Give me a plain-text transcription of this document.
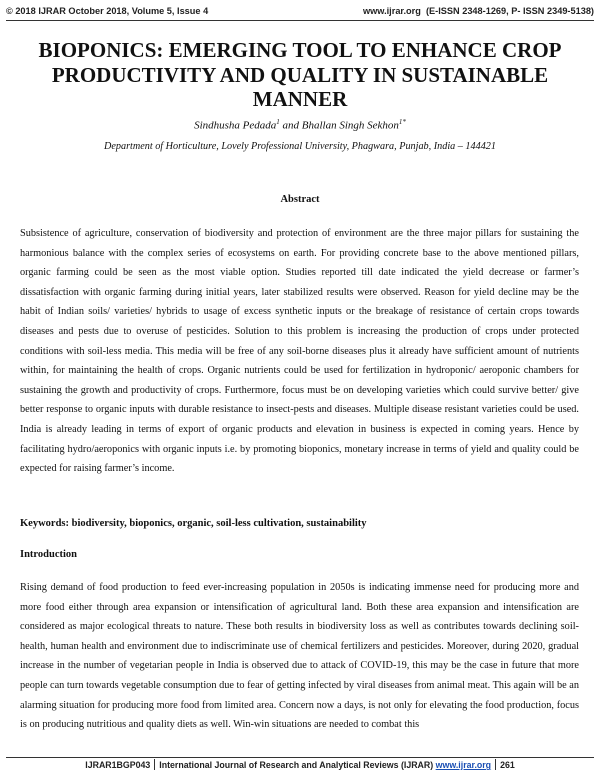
© 2018 IJRAR October 2018, Volume 5, Issue 4	www.ijrar.org (E-ISSN 2348-1269, P- ISSN 2349-5138)
BIOPONICS: EMERGING TOOL TO ENHANCE CROP PRODUCTIVITY AND QUALITY IN SUSTAINABLE MANNER
Sindhusha Pedada$^1$ and Bhallan Singh Sekhon$^{1*}$
Department of Horticulture, Lovely Professional University, Phagwara, Punjab, India – 144421
Abstract
Subsistence of agriculture, conservation of biodiversity and protection of environment are the three major pillars for sustaining the harmonious balance with the complex series of ecosystems on earth. For providing concrete base to the above mentioned pillars, organic farming could be seen as the most viable option. Studies reported till date indicated the yield decrease or farmer’s dissatisfaction with organic farming during initial years, later stabilized results were observed. Reason for yield decline may be the habit of Indian soils/ varieties/ hybrids to usage of excess synthetic inputs or the breakage of resistance of certain crops towards diseases and pests due to overuse of pesticides. Solution to this problem is increasing the production of crops under protected conditions with soil-less media. This media will be free of any soil-borne diseases plus it already have sufficient amount of nutrients within, for maintaining the health of crops. Organic nutrients could be used for fertilization in hydroponic/ aeroponic chambers for sustaining the growth and productivity of crops. Furthermore, focus must be on developing varieties which could survive better/ give better response to organic inputs with durable resistance to insect-pests and diseases. Multiple disease resistant varieties could be used. India is already leading in terms of export of organic products and elevation in business is expected in coming years. Hence by facilitating hydro/aeroponics with organic inputs i.e. by promoting bioponics, monetary increase in terms of yield and quality could be expected for raising farmer’s income.
Keywords: biodiversity, bioponics, organic, soil-less cultivation, sustainability
Introduction
Rising demand of food production to feed ever-increasing population in 2050s is indicating immense need for producing more and more food either through area expansion or intensification of agricultural land. Both these area expansion and intensification are considered as major ecological threats to nature. These both results in biodiversity loss as well as contributes towards declining soil-health, human health and environment due to indiscriminate use of chemical fertilizers and pesticides. Moreover, during 2020, gradual increase in the number of vegetarian people in India is observed due to attack of COVID-19, this may be the case in future that more people can turn towards vegetable consumption due to fear of getting infected by viral diseases from animal meat. This again will be an alarming situation for producing more food from limited area. Concern now a days, is not only for elevating the food production, focus is on producing nutritious and quality diets as well. Win-win situations are needed to combat this
IJRAR1BGP043 International Journal of Research and Analytical Reviews (IJRAR) www.ijrar.org 261
